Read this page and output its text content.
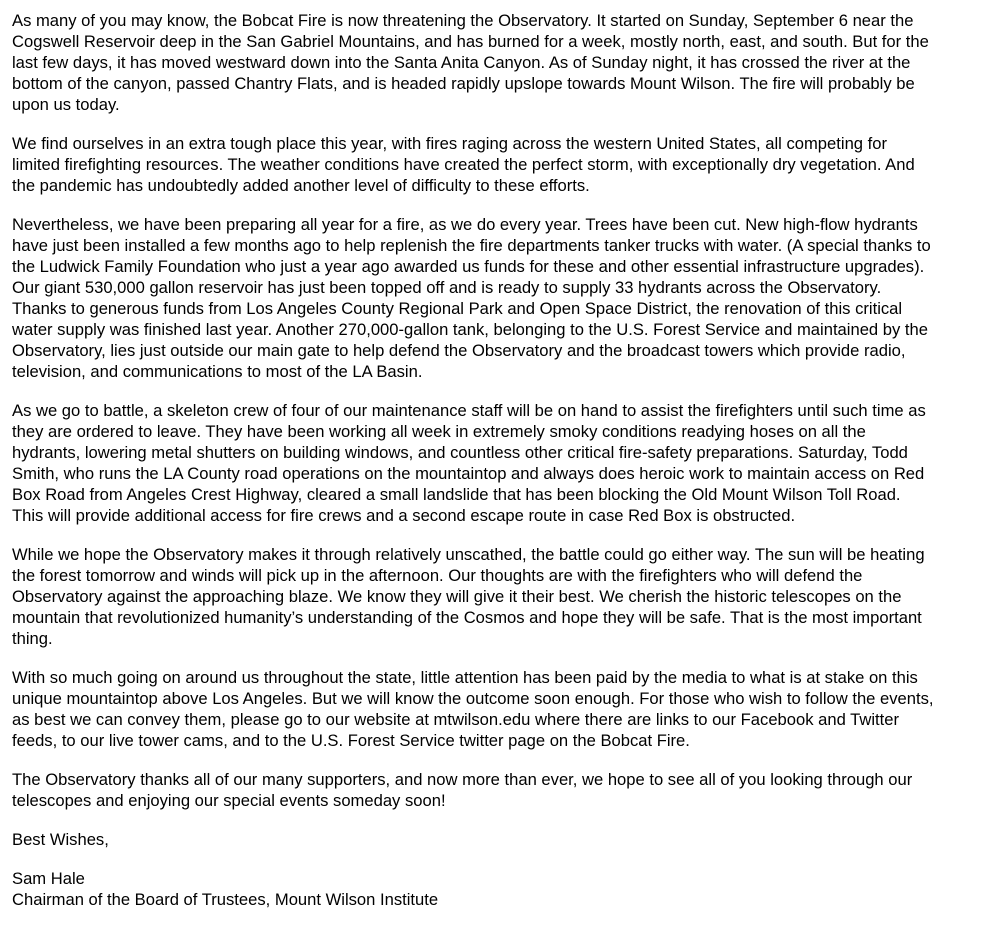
As many of you may know, the Bobcat Fire is now threatening the Observatory. It started on Sunday, September 6 near the Cogswell Reservoir deep in the San Gabriel Mountains, and has burned for a week, mostly north, east, and south. But for the last few days, it has moved westward down into the Santa Anita Canyon. As of Sunday night, it has crossed the river at the bottom of the canyon, passed Chantry Flats, and is headed rapidly upslope towards Mount Wilson. The fire will probably be upon us today.

We find ourselves in an extra tough place this year, with fires raging across the western United States, all competing for limited firefighting resources. The weather conditions have created the perfect storm, with exceptionally dry vegetation. And the pandemic has undoubtedly added another level of difficulty to these efforts.

Nevertheless, we have been preparing all year for a fire, as we do every year. Trees have been cut. New high-flow hydrants have just been installed a few months ago to help replenish the fire departments tanker trucks with water. (A special thanks to the Ludwick Family Foundation who just a year ago awarded us funds for these and other essential infrastructure upgrades). Our giant 530,000 gallon reservoir has just been topped off and is ready to supply 33 hydrants across the Observatory. Thanks to generous funds from Los Angeles County Regional Park and Open Space District, the renovation of this critical water supply was finished last year. Another 270,000-gallon tank, belonging to the U.S. Forest Service and maintained by the Observatory, lies just outside our main gate to help defend the Observatory and the broadcast towers which provide radio, television, and communications to most of the LA Basin.

As we go to battle, a skeleton crew of four of our maintenance staff will be on hand to assist the firefighters until such time as they are ordered to leave. They have been working all week in extremely smoky conditions readying hoses on all the hydrants, lowering metal shutters on building windows, and countless other critical fire-safety preparations. Saturday, Todd Smith, who runs the LA County road operations on the mountaintop and always does heroic work to maintain access on Red Box Road from Angeles Crest Highway, cleared a small landslide that has been blocking the Old Mount Wilson Toll Road. This will provide additional access for fire crews and a second escape route in case Red Box is obstructed.

While we hope the Observatory makes it through relatively unscathed, the battle could go either way. The sun will be heating the forest tomorrow and winds will pick up in the afternoon. Our thoughts are with the firefighters who will defend the Observatory against the approaching blaze. We know they will give it their best. We cherish the historic telescopes on the mountain that revolutionized humanity’s understanding of the Cosmos and hope they will be safe. That is the most important thing.

With so much going on around us throughout the state, little attention has been paid by the media to what is at stake on this unique mountaintop above Los Angeles. But we will know the outcome soon enough. For those who wish to follow the events, as best we can convey them, please go to our website at mtwilson.edu where there are links to our Facebook and Twitter feeds, to our live tower cams, and to the U.S. Forest Service twitter page on the Bobcat Fire.

The Observatory thanks all of our many supporters, and now more than ever, we hope to see all of you looking through our telescopes and enjoying our special events someday soon!

Best Wishes,

Sam Hale
Chairman of the Board of Trustees, Mount Wilson Institute
